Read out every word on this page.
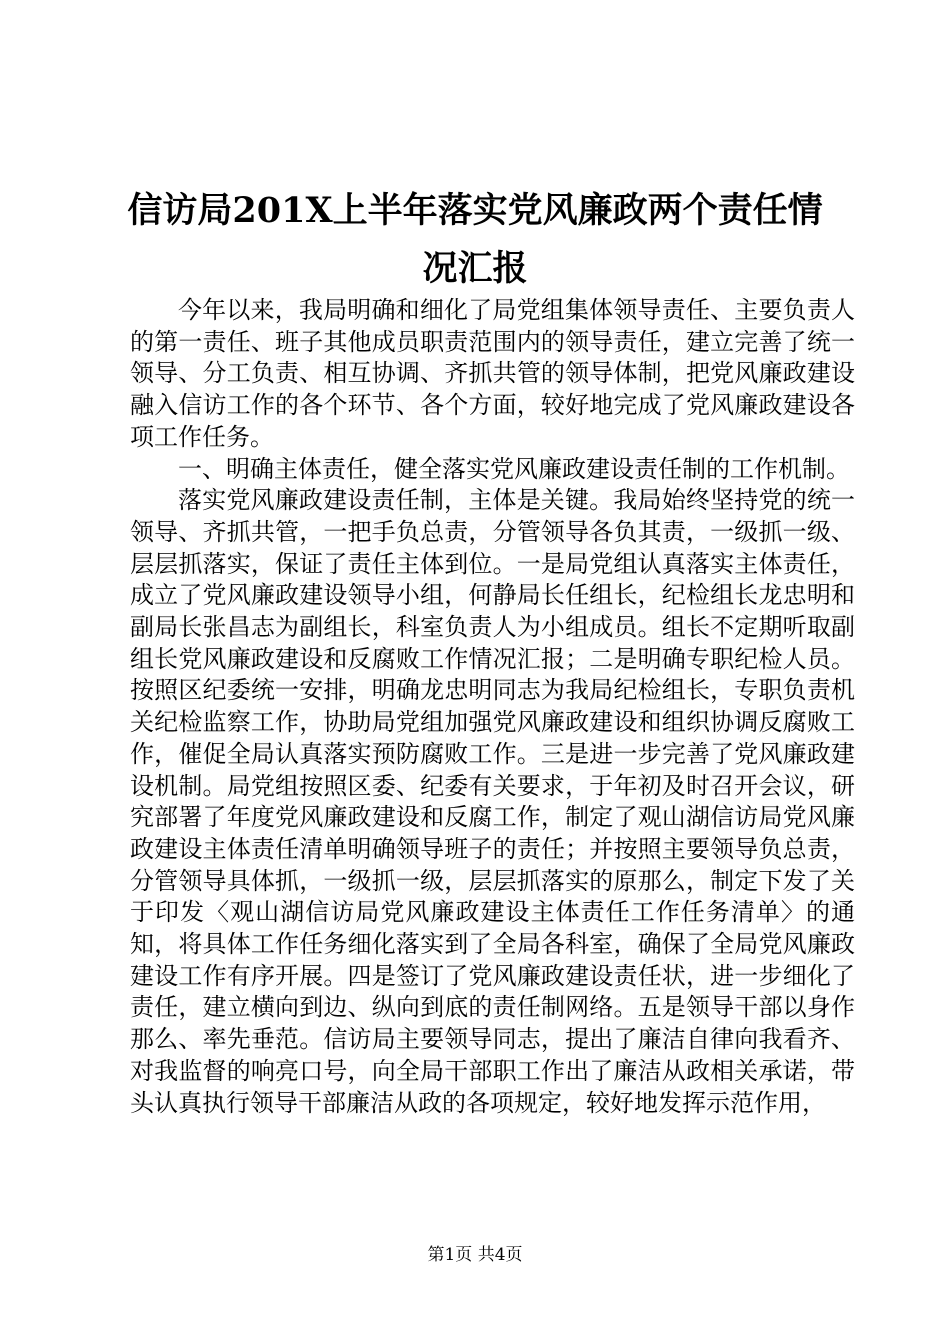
信访局201X上半年落实党风廉政两个责任情
况汇报

今年以来，我局明确和细化了局党组集体领导责任、主要负责人的第一责任、班子其他成员职责范围内的领导责任，建立完善了统一领导、分工负责、相互协调、齐抓共管的领导体制，把党风廉政建设融入信访工作的各个环节、各个方面，较好地完成了党风廉政建设各项工作任务。

一、明确主体责任，健全落实党风廉政建设责任制的工作机制。

落实党风廉政建设责任制，主体是关键。我局始终坚持党的统一领导、齐抓共管，一把手负总责，分管领导各负其责，一级抓一级、层层抓落实，保证了责任主体到位。一是局党组认真落实主体责任，成立了党风廉政建设领导小组，何静局长任组长，纪检组长龙忠明和副局长张昌志为副组长，科室负责人为小组成员。组长不定期听取副组长党风廉政建设和反腐败工作情况汇报；二是明确专职纪检人员。按照区纪委统一安排，明确龙忠明同志为我局纪检组长，专职负责机关纪检监察工作，协助局党组加强党风廉政建设和组织协调反腐败工作，催促全局认真落实预防腐败工作。三是进一步完善了党风廉政建设机制。局党组按照区委、纪委有关要求，于年初及时召开会议，研究部署了年度党风廉政建设和反腐工作，制定了观山湖信访局党风廉政建设主体责任清单明确领导班子的责任；并按照主要领导负总责，分管领导具体抓，一级抓一级，层层抓落实的原那么，制定下发了关于印发〈观山湖信访局党风廉政建设主体责任工作任务清单〉的通知，将具体工作任务细化落实到了全局各科室，确保了全局党风廉政建设工作有序开展。四是签订了党风廉政建设责任状，进一步细化了责任，建立横向到边、纵向到底的责任制网络。五是领导干部以身作那么、率先垂范。信访局主要领导同志，提出了廉洁自律向我看齐、对我监督的响亮口号，向全局干部职工作出了廉洁从政相关承诺，带头认真执行领导干部廉洁从政的各项规定，较好地发挥示范作用，

第1页 共4页
